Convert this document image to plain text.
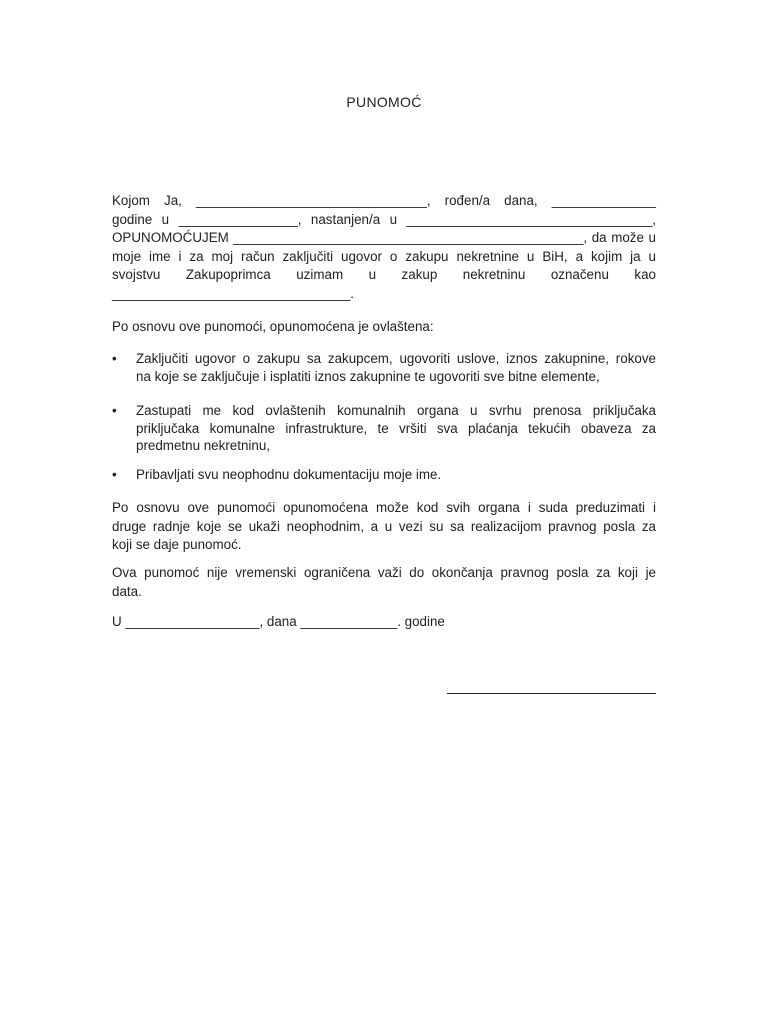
PUNOMOĆ
Kojom Ja, _______________________________, rođen/a dana, ______________
godine u ________________, nastanjen/a u _________________________________,
OPUNOMOĆUJEM _______________________________________________, da može u
moje ime i za moj račun zaključiti ugovor o zakupu nekretnine u BiH, a kojim ja u
svojstvu Zakupoprimca uzimam u zakup nekretninu označenu kao
________________________________.
Po osnovu ove punomoći, opunomoćena je ovlaštena:
• Zaključiti ugovor o zakupu sa zakupcem, ugovoriti uslove, iznos zakupnine, rokove
na koje se zaključuje i isplatiti iznos zakupnine te ugovoriti sve bitne elemente,
• Zastupati me kod ovlaštenih komunalnih organa u svrhu prenosa priključaka
priključaka komunalne infrastrukture, te vršiti sva plaćanja tekućih obaveza za
predmetnu nekretninu,
• Pribavljati svu neophodnu dokumentaciju moje ime.
Po osnovu ove punomoći opunomoćena može kod svih organa i suda preduzimati i
druge radnje koje se ukaži neophodnim, a u vezi su sa realizacijom pravnog posla za
koji se daje punomoć.
Ova punomoć nije vremenski ograničena važi do okončanja pravnog posla za koji je
data.
U __________________, dana _____________. godine
